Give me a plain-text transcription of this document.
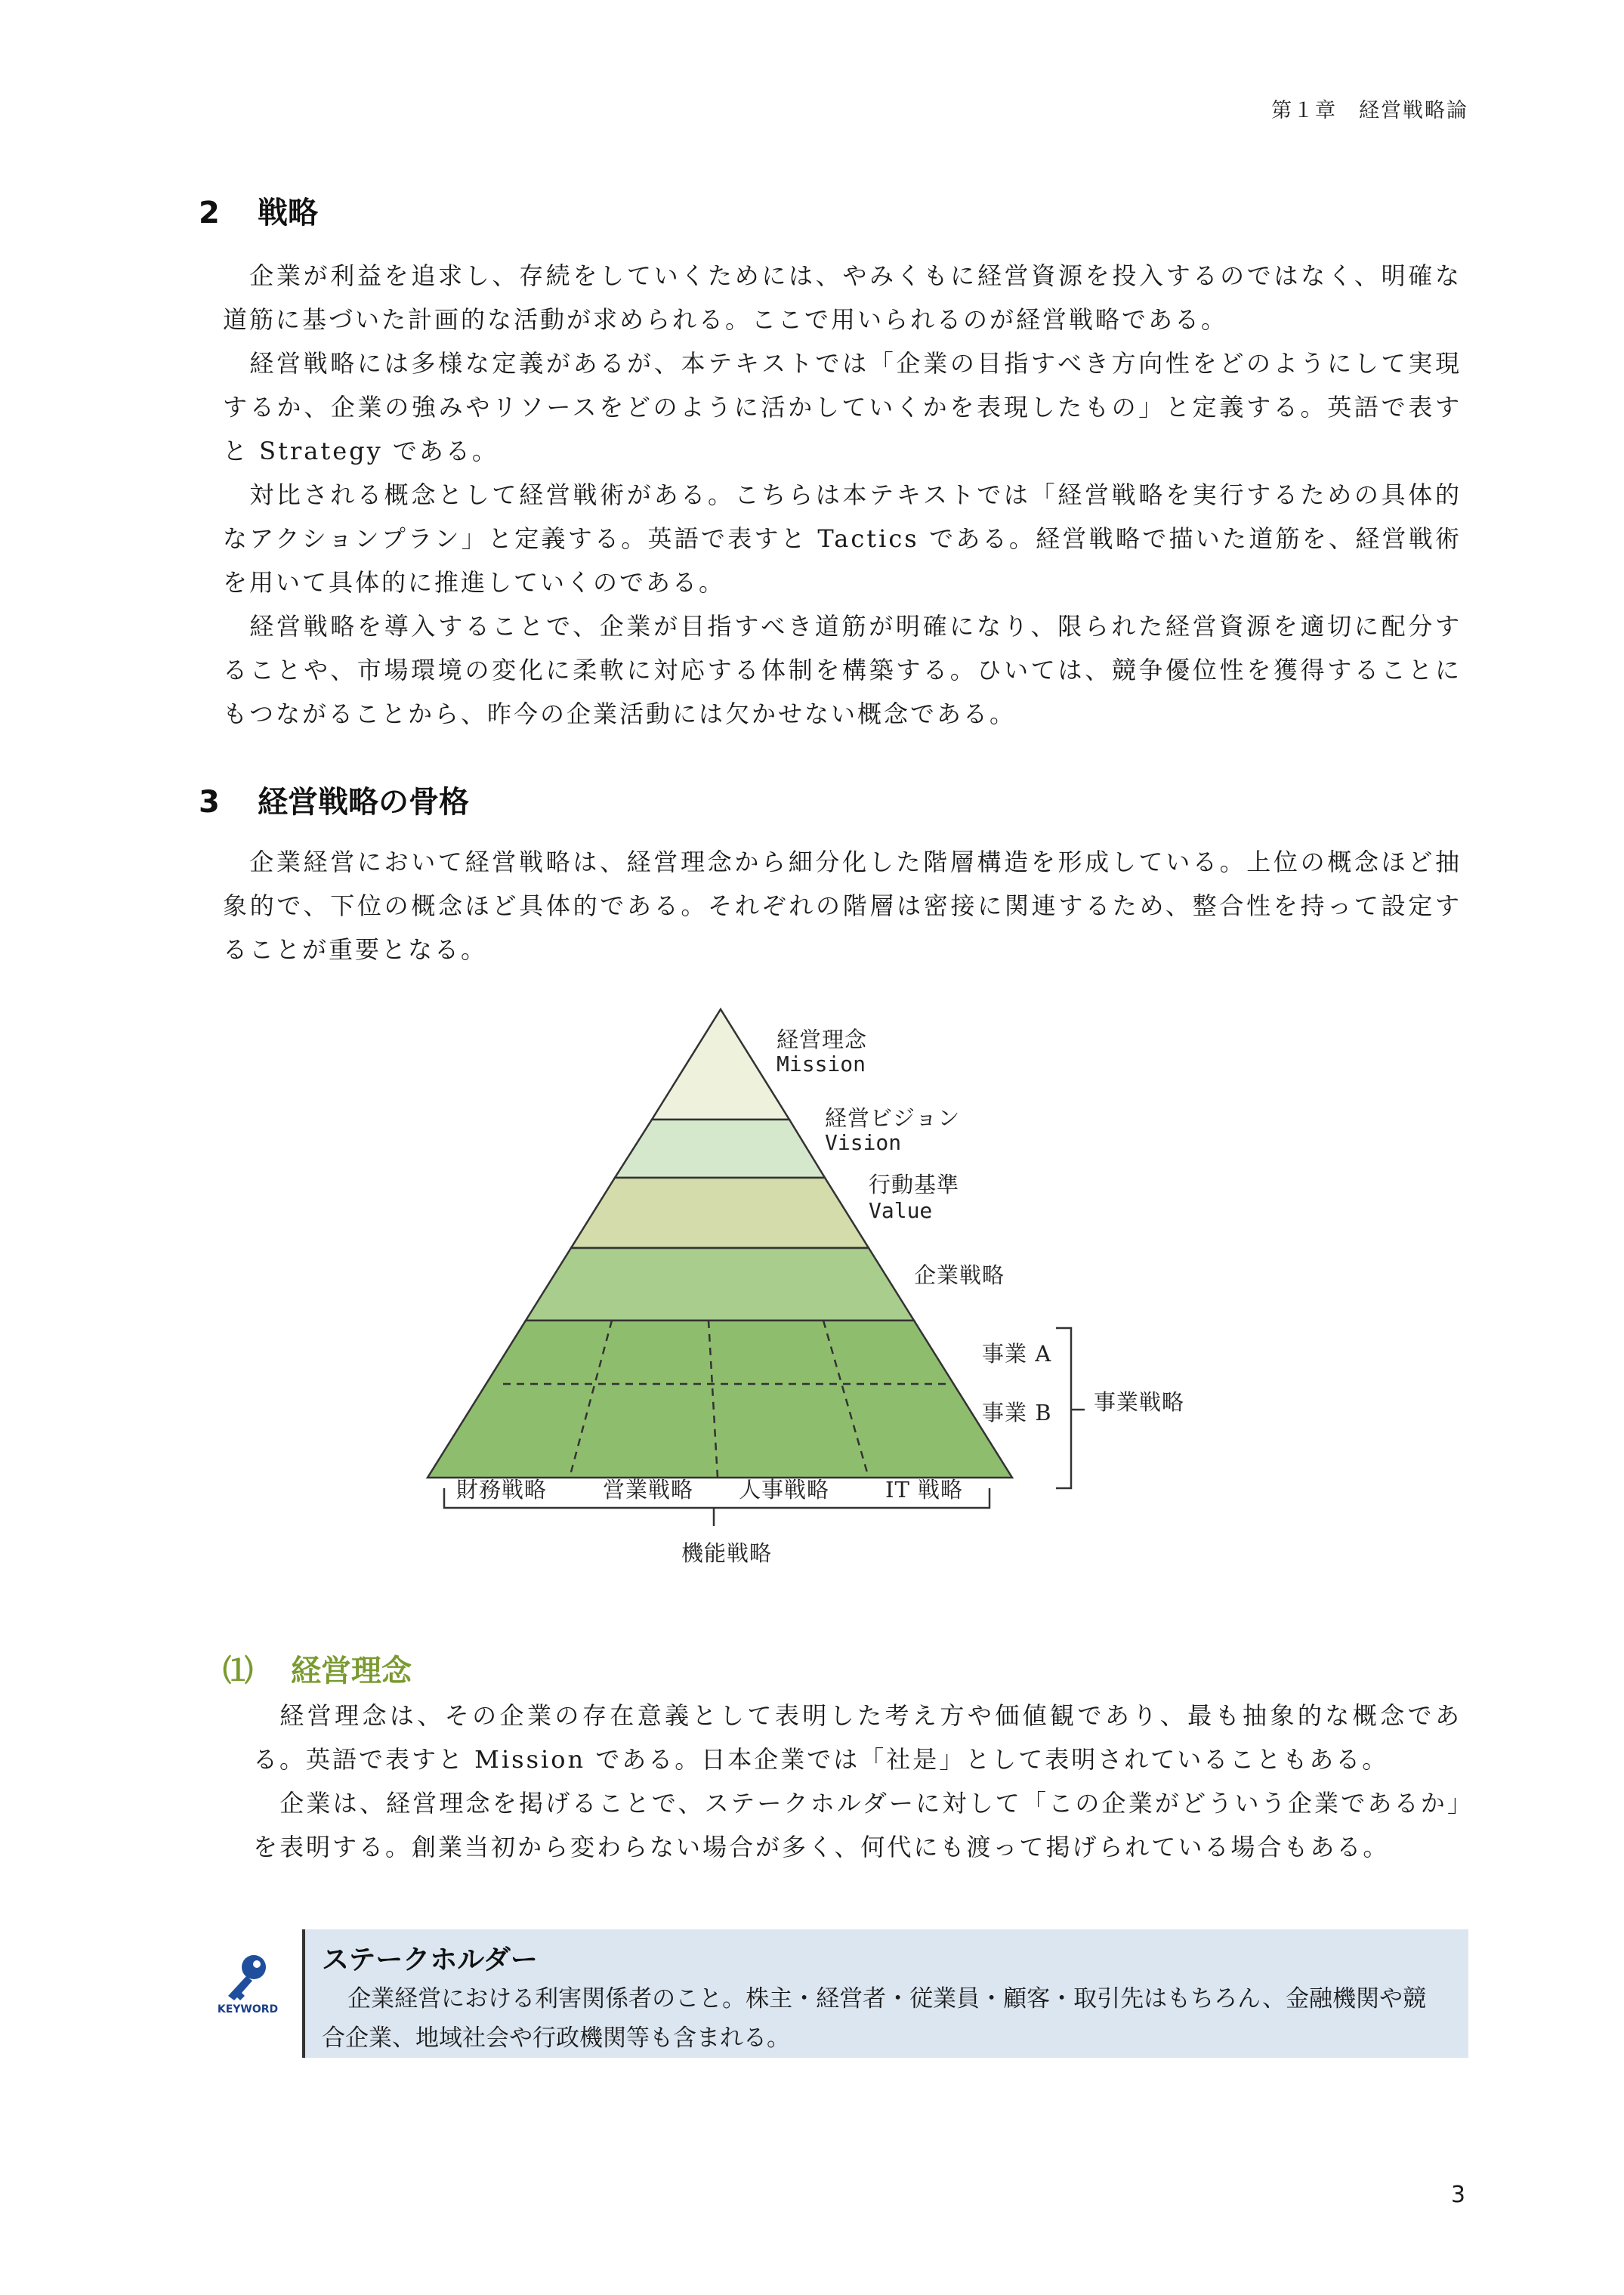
第１章　経営戦略論
2 戦略

企業が利益を追求し、存続をしていくためには、やみくもに経営資源を投入するのではなく、明確な道筋に基づいた計画的な活動が求められる。ここで用いられるのが経営戦略である。

経営戦略には多様な定義があるが、本テキストでは「企業の目指すべき方向性をどのようにして実現するか、企業の強みやリソースをどのように活かしていくかを表現したもの」と定義する。英語で表すと Strategy である。

対比される概念として経営戦術がある。こちらは本テキストでは「経営戦略を実行するための具体的なアクションプラン」と定義する。英語で表すと Tactics である。経営戦略で描いた道筋を、経営戦術を用いて具体的に推進していくのである。

経営戦略を導入することで、企業が目指すべき道筋が明確になり、限られた経営資源を適切に配分することや、市場環境の変化に柔軟に対応する体制を構築する。ひいては、競争優位性を獲得することにもつながることから、昨今の企業活動には欠かせない概念である。

3 経営戦略の骨格

企業経営において経営戦略は、経営理念から細分化した階層構造を形成している。上位の概念ほど抽象的で、下位の概念ほど具体的である。それぞれの階層は密接に関連するため、整合性を持って設定することが重要となる。

経営理念
Mission
経営ビジョン
Vision
行動基準
Value
企業戦略
事業 A
事業 B 事業戦略
財務戦略	営業戦略 人事戦略	IT 戦略
機能戦略
⑴ 経営理念

経営理念は、その企業の存在意義として表明した考え方や価値観であり、最も抽象的な概念である。英語で表すと Mission である。日本企業では「社是」として表明されていることもある。

企業は、経営理念を掲げることで、ステークホルダーに対して「この企業がどういう企業であるか」を表明する。創業当初から変わらない場合が多く、何代にも渡って掲げられている場合もある。

KEYWORD
ステークホルダー

企業経営における利害関係者のこと。株主・経営者・従業員・顧客・取引先はもちろん、金融機関や競合企業、地域社会や行政機関等も含まれる。

3
